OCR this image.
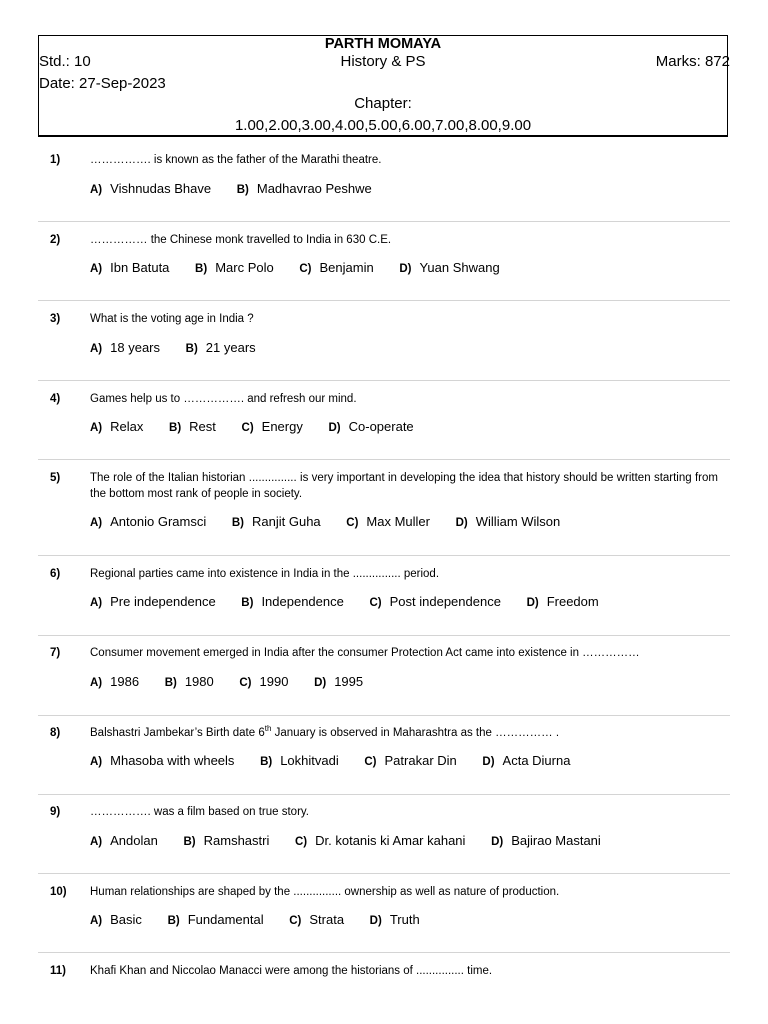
PARTH MOMAYA
Std.: 10	History & PS	Marks: 872
Date: 27-Sep-2023
Chapter:
1.00,2.00,3.00,4.00,5.00,6.00,7.00,8.00,9.00
1)	……………. is known as the father of the Marathi theatre.
A) Vishnudas Bhave B) Madhavrao Peshwe
2)	…………… the Chinese monk travelled to India in 630 C.E.
A) Ibn Batuta B) Marc Polo C) Benjamin D) Yuan Shwang
3)	What is the voting age in India ?
A) 18 years B) 21 years
4)	Games help us to ……………. and refresh our mind.
A) Relax B) Rest C) Energy D) Co-operate
5)	The role of the Italian historian ............... is very important in developing the idea that history should be written starting from the bottom most rank of people in society.
A) Antonio Gramsci B) Ranjit Guha C) Max Muller D) William Wilson
6)	Regional parties came into existence in India in the ............... period.
A) Pre independence B) Independence C) Post independence D) Freedom
7)	Consumer movement emerged in India after the consumer Protection Act came into existence in ……………
A) 1986 B) 1980 C) 1990 D) 1995
8)	Balshastri Jambekar’s Birth date 6th January is observed in Maharashtra as the …………… .
A) Mhasoba with wheels B) Lokhitvadi C) Patrakar Din D) Acta Diurna
9)	……………. was a film based on true story.
A) Andolan B) Ramshastri C) Dr. kotanis ki Amar kahani D) Bajirao Mastani
10) Human relationships are shaped by the ............... ownership as well as nature of production.
A) Basic B) Fundamental C) Strata D) Truth
11) Khafi Khan and Niccolao Manacci were among the historians of ............... time.
